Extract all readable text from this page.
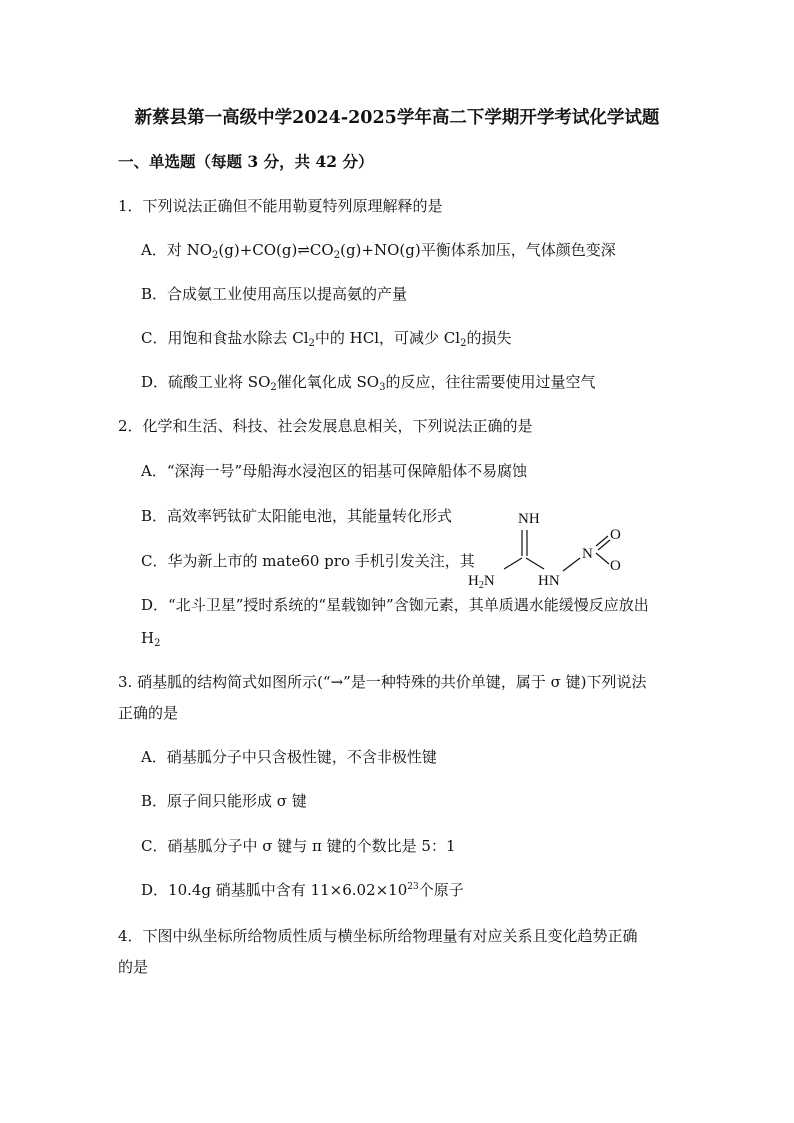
新蔡县第一高级中学2024-2025学年高二下学期开学考试化学试题
一、单选题（每题 3 分，共 42 分）
1．下列说法正确但不能用勒夏特列原理解释的是
A．对 $NO_2(g)+CO(g)\rightleftharpoons CO_2(g)+NO(g)$平衡体系加压，气体颜色变深
B．合成氨工业使用高压以提高氨的产量
C．用饱和食盐水除去 $Cl_2$中的 HCl，可减少 $Cl_2$的损失
D．硫酸工业将 $SO_2$催化氧化成 $SO_3$的反应，往往需要使用过量空气
2．化学和生活、科技、社会发展息息相关，下列说法正确的是
A．“深海一号”母船海水浸泡区的铝基可保障船体不易腐蚀
B．高效率钙钛矿太阳能电池，其能量转化形式
C．华为新上市的 mate60 pro 手机引发关注，其
D．“北斗卫星”授时系统的“星载铷钟”含铷元素，其单质遇水能缓慢反应放出
$H_2$
NH
$H_2N$	HN
N
O
O
3. 硝基胍的结构简式如图所示(“→”是一种特殊的共价单键，属于 σ 键)下列说法
正确的是
A．硝基胍分子中只含极性键，不含非极性键
B．原子间只能形成 σ 键
C．硝基胍分子中 σ 键与 π 键的个数比是 5：1
D．10.4g 硝基胍中含有 $11\times 6.02\times 10^{23}$个原子
4．下图中纵坐标所给物质性质与横坐标所给物理量有对应关系且变化趋势正确
的是
